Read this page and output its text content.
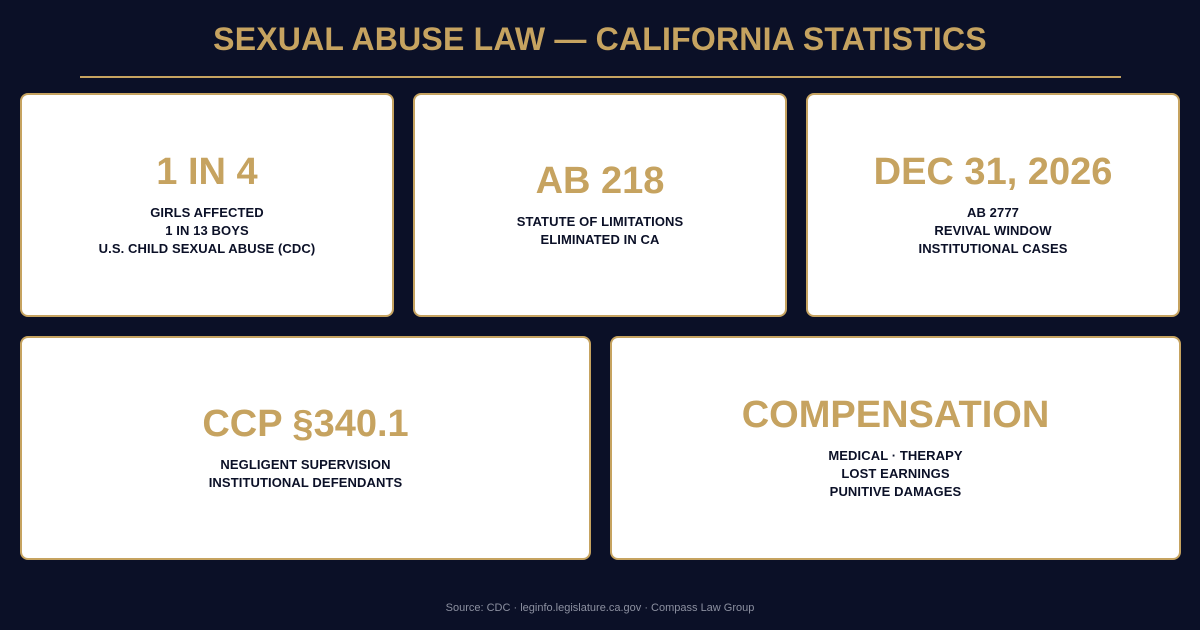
SEXUAL ABUSE LAW — CALIFORNIA STATISTICS
1 IN 4
GIRLS AFFECTED
1 IN 13 BOYS
U.S. CHILD SEXUAL ABUSE (CDC)
AB 218
STATUTE OF LIMITATIONS
ELIMINATED IN CA
DEC 31, 2026
AB 2777
REVIVAL WINDOW
INSTITUTIONAL CASES
CCP §340.1
NEGLIGENT SUPERVISION
INSTITUTIONAL DEFENDANTS
COMPENSATION
MEDICAL · THERAPY
LOST EARNINGS
PUNITIVE DAMAGES
Source: CDC · leginfo.legislature.ca.gov · Compass Law Group
